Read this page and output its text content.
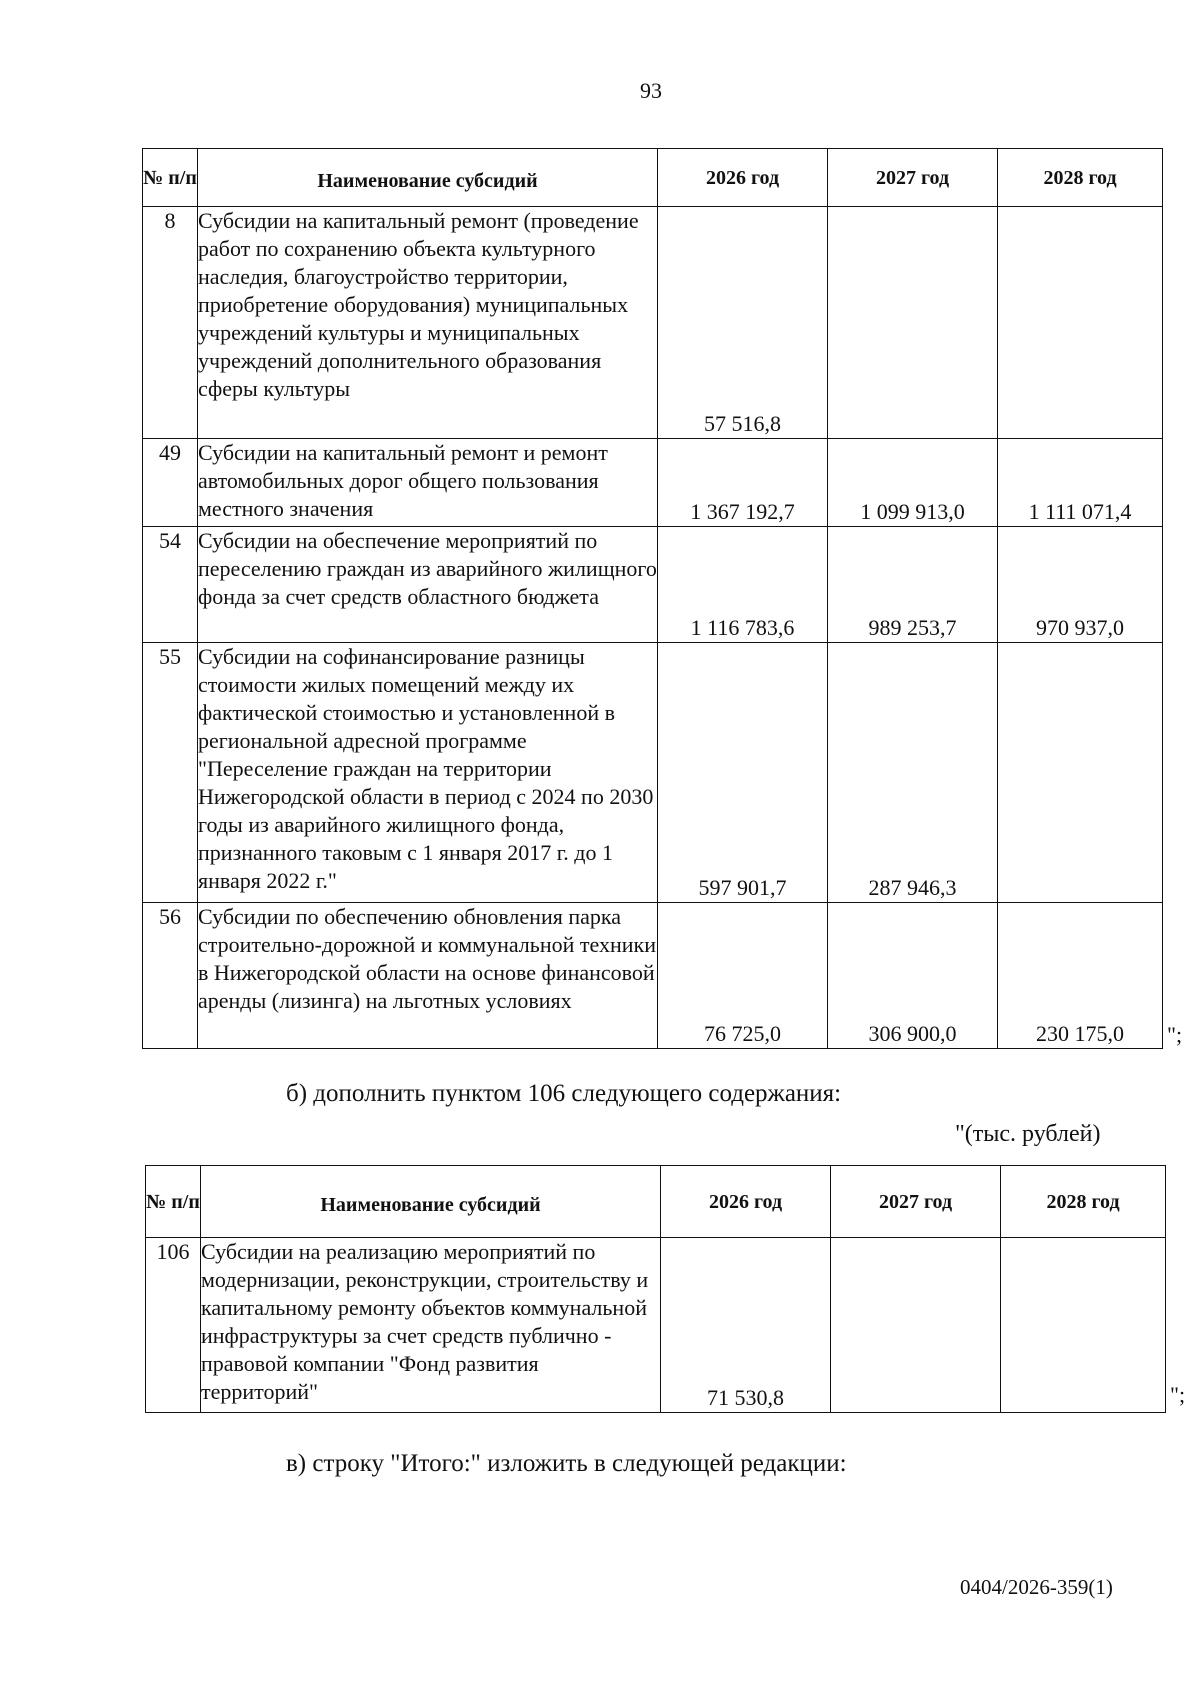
93
№ п/п	Наименование субсидий	2026 год	2027 год	2028 год
8	Субсидии на капитальный ремонт (проведение работ по сохранению объекта культурного наследия, благоустройство территории, приобретение оборудования) муниципальных учреждений культуры и муниципальных учреждений дополнительного образования сферы культуры	57 516,8		
49	Субсидии на капитальный ремонт и ремонт автомобильных дорог общего пользования местного значения	1 367 192,7	1 099 913,0	1 111 071,4
54	Субсидии на обеспечение мероприятий по переселению граждан из аварийного жилищного фонда за счет средств областного бюджета	1 116 783,6	989 253,7	970 937,0
55	Субсидии на софинансирование разницы стоимости жилых помещений между их фактической стоимостью и установленной в региональной адресной программе "Переселение граждан на территории Нижегородской области в период с 2024 по 2030 годы из аварийного жилищного фонда, признанного таковым с 1 января 2017 г. до 1 января 2022 г."	597 901,7	287 946,3	
56	Субсидии по обеспечению обновления парка строительно-дорожной и коммунальной техники в Нижегородской области на основе финансовой аренды (лизинга) на льготных условиях	76 725,0	306 900,0	230 175,0 ";
б) дополнить пунктом 106 следующего содержания:
"(тыс. рублей)
№ п/п	Наименование субсидий	2026 год	2027 год	2028 год
106	Субсидии на реализацию мероприятий по модернизации, реконструкции, строительству и капитальному ремонту объектов коммунальной инфраструктуры за счет средств публично - правовой компании "Фонд развития территорий"	71 530,8			";
в) строку "Итого:" изложить в следующей редакции:
0404/2026-359(1)
